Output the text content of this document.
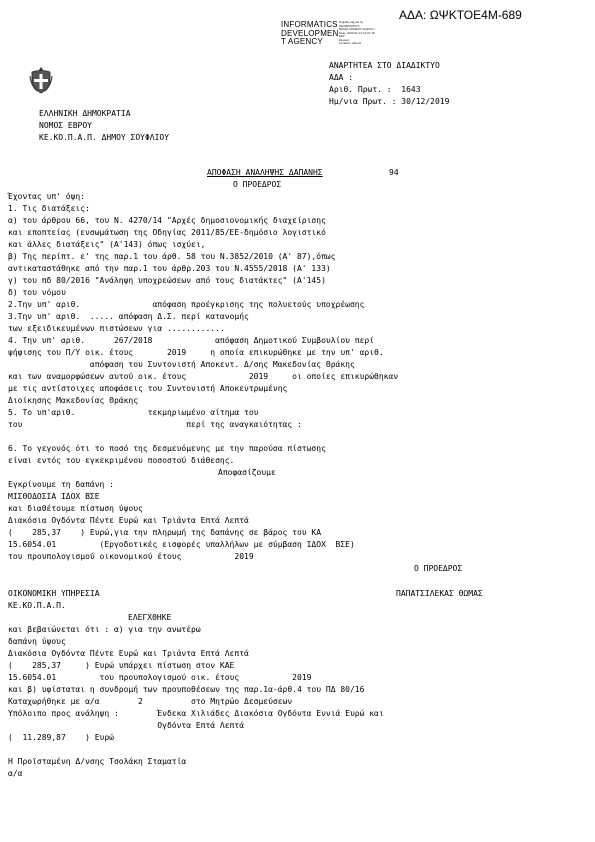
ΑΔΑ: ΩΨΚΤΟΕ4Μ-689
INFORMATICS
DEVELOPMEN
T AGENCY
Digitally signed by
INFORMATICS
DEVELOPMENT AGENCY
Date: 2020.01.14 13:21:19
EET
Reason:
Location: Athens
ΑΝΑΡΤΗΤΕΑ ΣΤΟ ΔΙΑΔΙΚΤΥΟ
ΑΔΑ :
Αριθ. Πρωτ. :  1643
Ημ/νια Πρωτ. : 30/12/2019
ΕΛΛΗΝΙΚΗ ΔΗΜΟΚΡΑΤΙΑ
ΝΟΜΟΣ ΕΒΡΟΥ
ΚΕ.ΚΟ.Π.Α.Π. ΔΗΜΟΥ ΣΟΥΦΛΙΟΥ
ΑΠΟΦΑΣΗ ΑΝΑΛΗΨΗΣ ΔΑΠΑΝΗΣ	94
Ο ΠΡΟΕΔΡΟΣ
Έχοντας υπ' όψη:
1. Τις διατάξεις:
α) του άρθρου 66, του Ν. 4270/14 "Αρχές δημοσιονομικής διαχείρισης
και εποπτείας (ενσωμάτωση της Οδηγίας 2011/85/ΕΕ-δημόσιο λογιστικό
και άλλες διατάξεις" (Α'143) όπως ισχύει,
β) Της περίπτ. ε' της παρ.1 του άρθ. 58 του Ν.3852/2010 (Α' 87),όπως
αντικαταστάθηκε από την παρ.1 του άρθρ.203 του Ν.4555/2018 (Α' 133)
γ) του πδ 80/2016 "Ανάληψη υποχρεώσεων από τους διατάκτες" (Α'145)
δ) του νόμου
2.Την υπ' αριθ.               απόφαση προέγκρισης της πολυετούς υποχρέωσης
3.Την υπ' αριθ.  ..... απόφαση Δ.Σ. περί κατανομής
των εξειδικευμένων πιστώσεων για ............
4. Την υπ' αριθ.      267/2018             απόφαση Δημοτικού Συμβουλίου περί
ψήφισης του Π/Υ οικ. έτους       2019     η οποία επικυρώθηκε με την υπ' αριθ.
απόφαση του Συντονιστή Αποκεντ. Δ/σης Μακεδονίας Θράκης
και των αναμορφώσεων αυτού οικ. έτους             2019     οι οποίες επικυρώθηκαν
με τις αντίστοιχες αποφάσεις του Συντονιστή Αποκεντρωμένης
Διοίκησης Μακεδονίας Θράκης
5. Το υπ'αριθ.               τεκμηριωμένο αίτημα του
του                                  περί της αναγκαιότητας :
6. Το γεγονός ότι το ποσό της δεσμευόμενης με την παρούσα πίστωσης
είναι εντός του εγκεκριμένου ποσοστού διάθεσης.
Αποφασίζουμε
Εγκρίνουμε τη δαπάνη :
ΜΙΣΘΟΔΟΣΙΑ ΙΔΟΧ ΒΣΕ
και διαθέτουμε πίστωση ύψους
Διακόσια Ογδόντα Πέντε Ευρώ και Τριάντα Επτά Λεπτά
(    285,37    ) Ευρώ,για την πληρωμή της δαπάνης σε βάρος του ΚΑ
15.6054.01         (Εργοδοτικές εισφορές υπαλλήλων με σύμβαση ΙΔΟΧ  ΒΣΕ)
του προυπολογισμού οικονομικού έτους           2019
Ο ΠΡΟΕΔΡΟΣ
ΟΙΚΟΝΟΜΙΚΗ ΥΠΗΡΕΣΙΑ	ΠΑΠΑΤΣΙΛΕΚΑΣ ΘΩΜΑΣ
ΚΕ.ΚΟ.Π.Α.Π.
ΕΛΕΓΧΘΗΚΕ
και βεβαιώνεται ότι : α) για την ανωτέρω
δαπάνη ύψους
Διακόσια Ογδόντα Πέντε Ευρώ και Τριάντα Επτά Λεπτά
(    285,37     ) Ευρώ υπάρχει πίστωση στον ΚΑΕ
15.6054.01         του προυπολογισμού οικ. έτους           2019
και β) υφίσταται η συνδρομή των προυποθέσεων της παρ.1α-άρθ.4 του ΠΔ 80/16
Καταχωρήθηκε με α/α        2          στο Μητρώο Δεσμεύσεων
Υπόλοιπο προς ανάληψη :        Ένδεκα Χιλιάδες Διακόσια Ογδόντα Εννιά Ευρώ και
Ογδόντα Επτά Λεπτά
(  11.289,87    ) Ευρώ
Η Προϊσταμένη Δ/νσης Τσολάκη Σταματία
α/α
